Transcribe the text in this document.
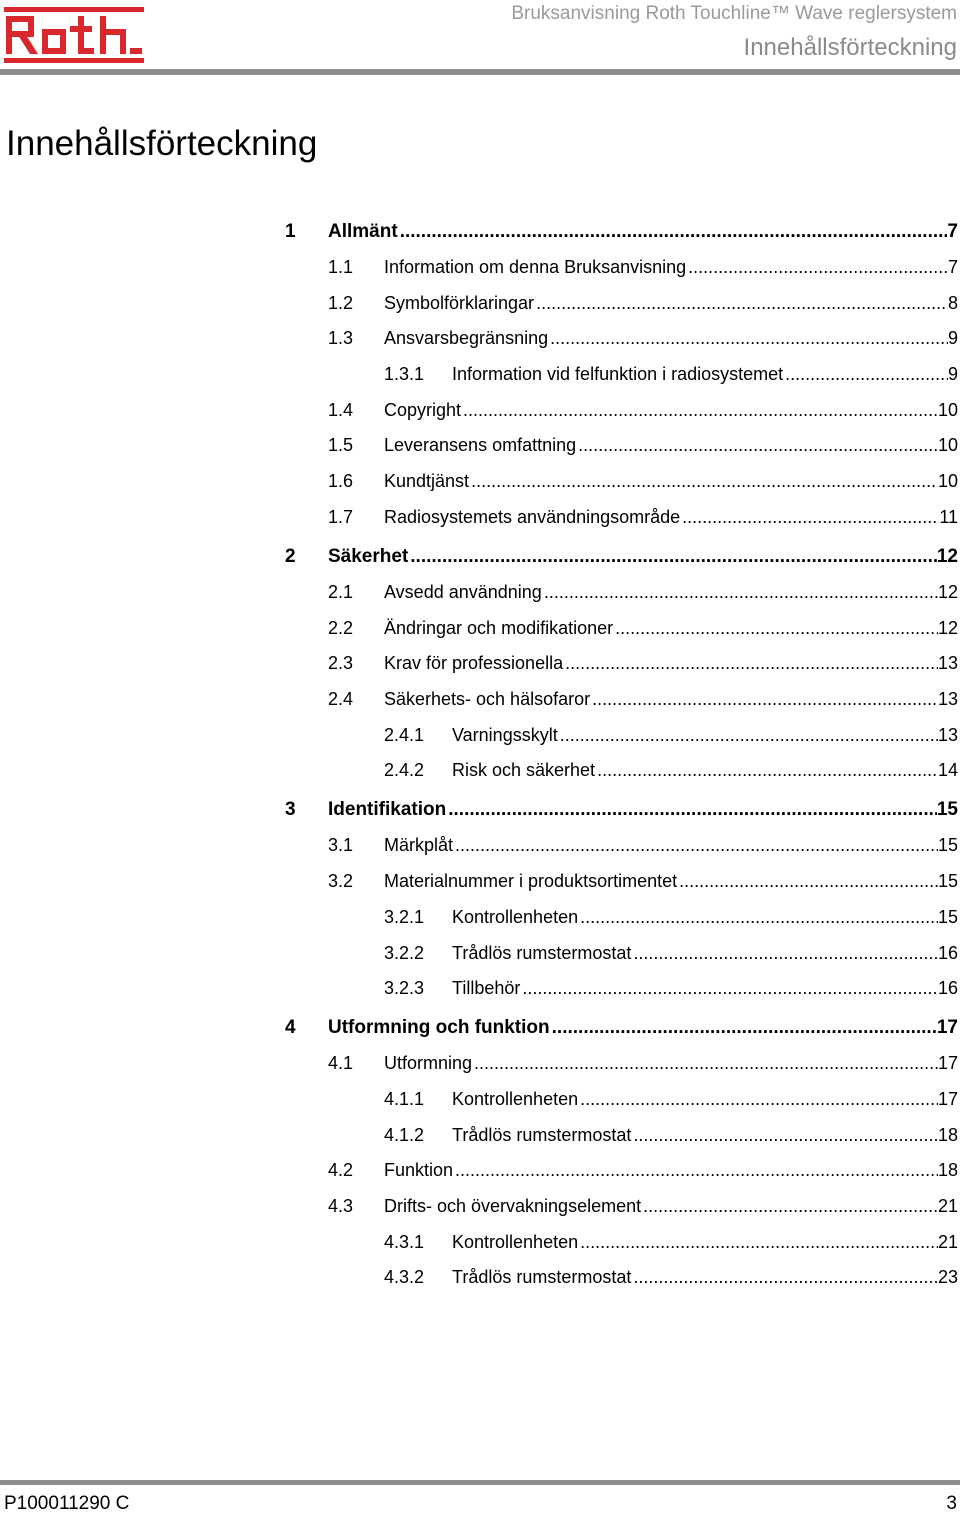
Bruksanvisning Roth Touchline™ Wave reglersystem
Innehållsförteckning
Innehållsförteckning
1	Allmänt .....	7
1.1	Information om denna Bruksanvisning .....	7
1.2	Symbolförklaringar .....	8
1.3	Ansvarsbegränsning .....	9
1.3.1	Information vid felfunktion i radiosystemet .....	9
1.4	Copyright .....	10
1.5	Leveransens omfattning .....	10
1.6	Kundtjänst .....	10
1.7	Radiosystemets användningsområde .....	11
2	Säkerhet .....	12
2.1	Avsedd användning .....	12
2.2	Ändringar och modifikationer .....	12
2.3	Krav för professionella .....	13
2.4	Säkerhets- och hälsofaror .....	13
2.4.1	Varningsskylt .....	13
2.4.2	Risk och säkerhet .....	14
3	Identifikation .....	15
3.1	Märkplåt .....	15
3.2	Materialnummer i produktsortimentet .....	15
3.2.1	Kontrollenheten .....	15
3.2.2	Trådlös rumstermostat .....	16
3.2.3	Tillbehör .....	16
4	Utformning och funktion .....	17
4.1	Utformning .....	17
4.1.1	Kontrollenheten .....	17
4.1.2	Trådlös rumstermostat .....	18
4.2	Funktion .....	18
4.3	Drifts- och övervakningselement .....	21
4.3.1	Kontrollenheten .....	21
4.3.2	Trådlös rumstermostat .....	23
P100011290 C	3
